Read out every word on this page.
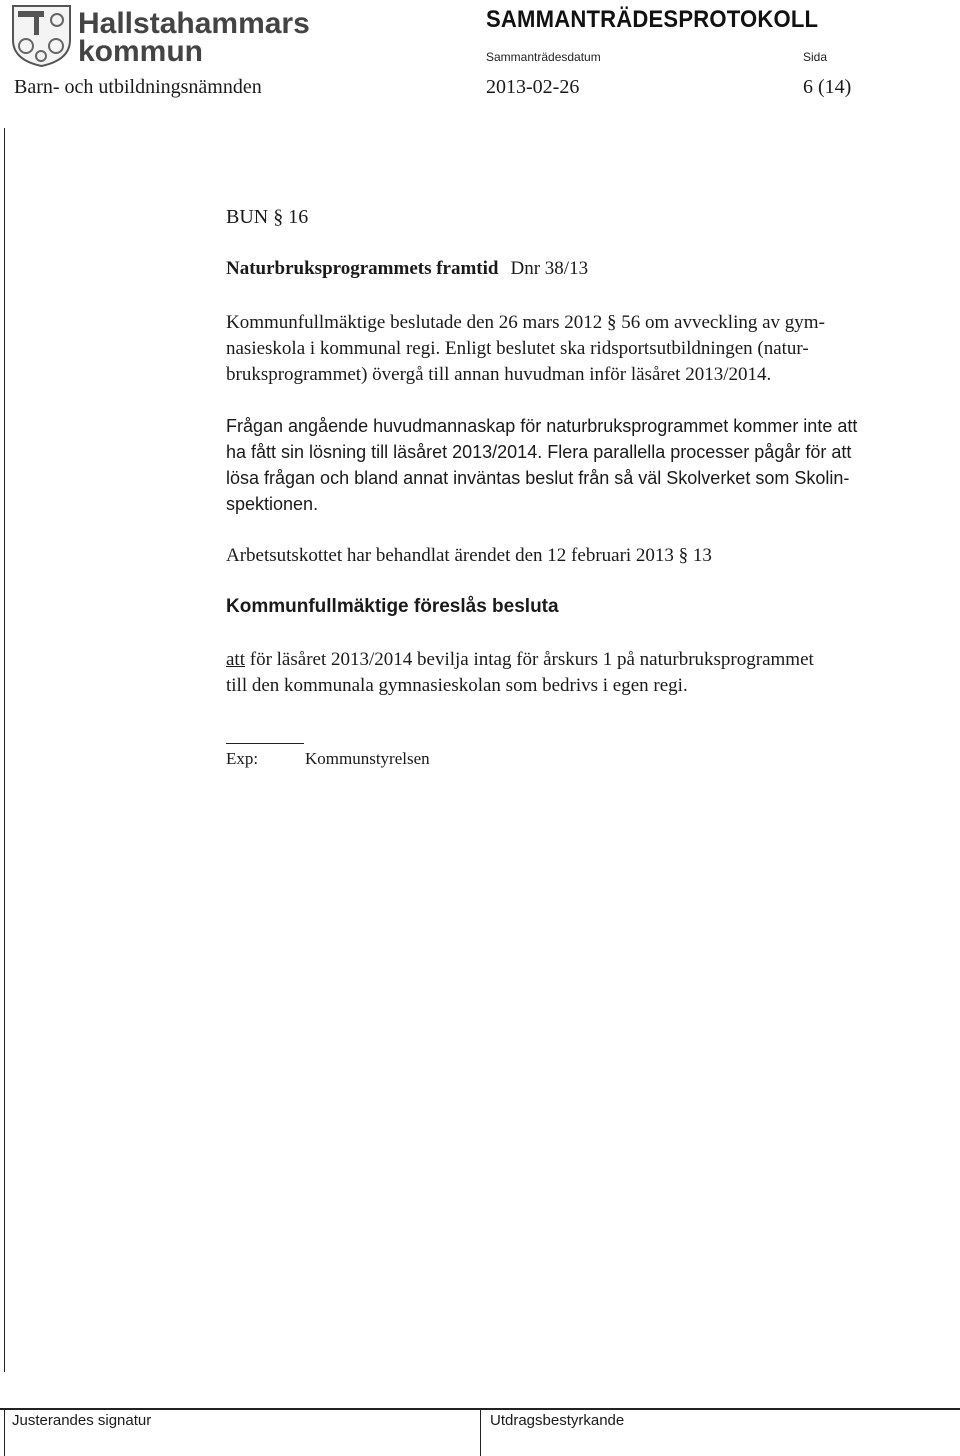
Hallstahammars
kommun
SAMMANTRÄDESPROTOKOLL
Sammanträdesdatum	Sida
Barn- och utbildningsnämnden	2013-02-26	6 (14)
BUN § 16
Naturbruksprogrammets framtid Dnr 38/13

Kommunfullmäktige beslutade den 26 mars 2012 § 56 om avveckling av gym-

nasieskola i kommunal regi. Enligt beslutet ska ridsportsutbildningen (natur-

bruksprogrammet) övergå till annan huvudman inför läsåret 2013/2014.

Frågan angående huvudmannaskap för naturbruksprogrammet kommer inte att

ha fått sin lösning till läsåret 2013/2014. Flera parallella processer pågår för att

lösa frågan och bland annat inväntas beslut från så väl Skolverket som Skolin-

spektionen.

Arbetsutskottet har behandlat ärendet den 12 februari 2013 § 13

Kommunfullmäktige föreslås besluta

att för läsåret 2013/2014 bevilja intag för årskurs 1 på naturbruksprogrammet

till den kommunala gymnasieskolan som bedrivs i egen regi.

Exp:	Kommunstyrelsen
Justerandes signatur	Utdragsbestyrkande
